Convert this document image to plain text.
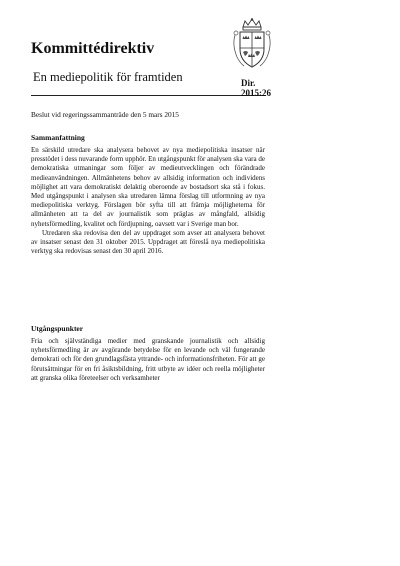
Kommittédirektiv
En mediepolitik för framtiden	Dir.
2015:26
Beslut vid regeringssammanträde den 5 mars 2015
Sammanfattning

En särskild utredare ska analysera behovet av nya mediepolitiska insatser när presstödet i dess nuvarande form upphör. En utgångspunkt för analysen ska vara de demokratiska utmaningar som följer av medieutvecklingen och förändrade medieanvändningen. Allmänhetens behov av allsidig information och individens möjlighet att vara demokratiskt delaktig oberoende av bostadsort ska stå i fokus. Med utgångspunkt i analysen ska utredaren lämna förslag till utformning av nya mediepolitiska verktyg. Förslagen bör syfta till att främja möjligheterna för allmänheten att ta del av journalistik som präglas av mångfald, allsidig nyhetsförmedling, kvalitet och fördjupning, oavsett var i Sverige man bor.

Utredaren ska redovisa den del av uppdraget som avser att analysera behovet av insatser senast den 31 oktober 2015. Uppdraget att föreslå nya mediepolitiska verktyg ska redovisas senast den 30 april 2016.

Utgångspunkter

Fria och självständiga medier med granskande journalistik och allsidig nyhetsförmedling är av avgörande betydelse för en levande och väl fungerande demokrati och för den grundlagsfästa yttrande- och informationsfriheten. För att ge förutsättningar för en fri åsiktsbildning, fritt utbyte av idéer och reella möjligheter att granska olika företeelser och verksamheter
